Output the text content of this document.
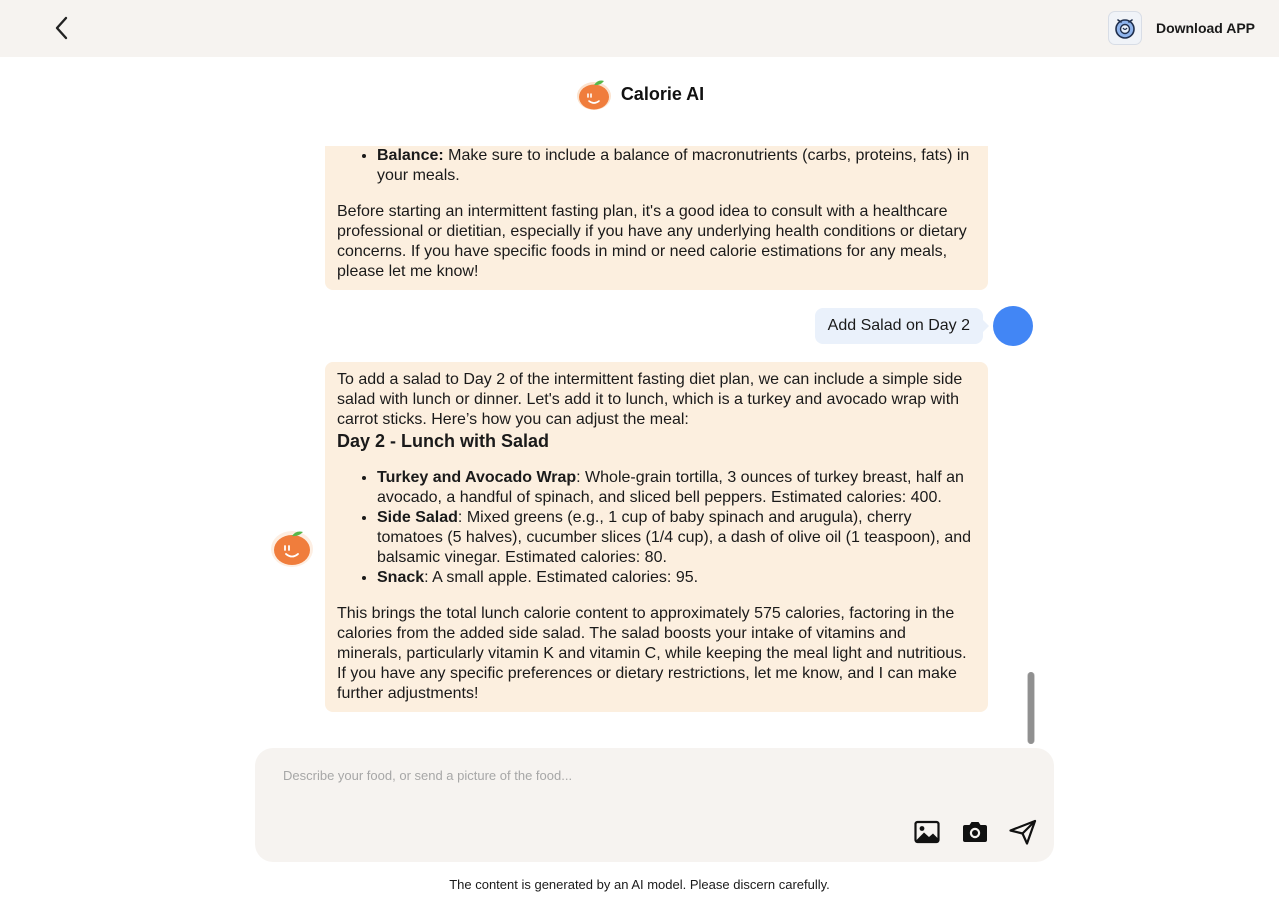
Download APP
Calorie AI
• Balance: Make sure to include a balance of macronutrients (carbs, proteins, fats) in your meals.

Before starting an intermittent fasting plan, it's a good idea to consult with a healthcare professional or dietitian, especially if you have any underlying health conditions or dietary concerns. If you have specific foods in mind or need calorie estimations for any meals, please let me know!

Add Salad on Day 2

To add a salad to Day 2 of the intermittent fasting diet plan, we can include a simple side salad with lunch or dinner. Let's add it to lunch, which is a turkey and avocado wrap with carrot sticks. Here’s how you can adjust the meal:

Day 2 - Lunch with Salad
• Turkey and Avocado Wrap: Whole-grain tortilla, 3 ounces of turkey breast, half an avocado, a handful of spinach, and sliced bell peppers. Estimated calories: 400.
• Side Salad: Mixed greens (e.g., 1 cup of baby spinach and arugula), cherry tomatoes (5 halves), cucumber slices (1/4 cup), a dash of olive oil (1 teaspoon), and balsamic vinegar. Estimated calories: 80.
• Snack: A small apple. Estimated calories: 95.

This brings the total lunch calorie content to approximately 575 calories, factoring in the calories from the added side salad. The salad boosts your intake of vitamins and minerals, particularly vitamin K and vitamin C, while keeping the meal light and nutritious. If you have any specific preferences or dietary restrictions, let me know, and I can make further adjustments!

Describe your food, or send a picture of the food...
The content is generated by an AI model. Please discern carefully.
